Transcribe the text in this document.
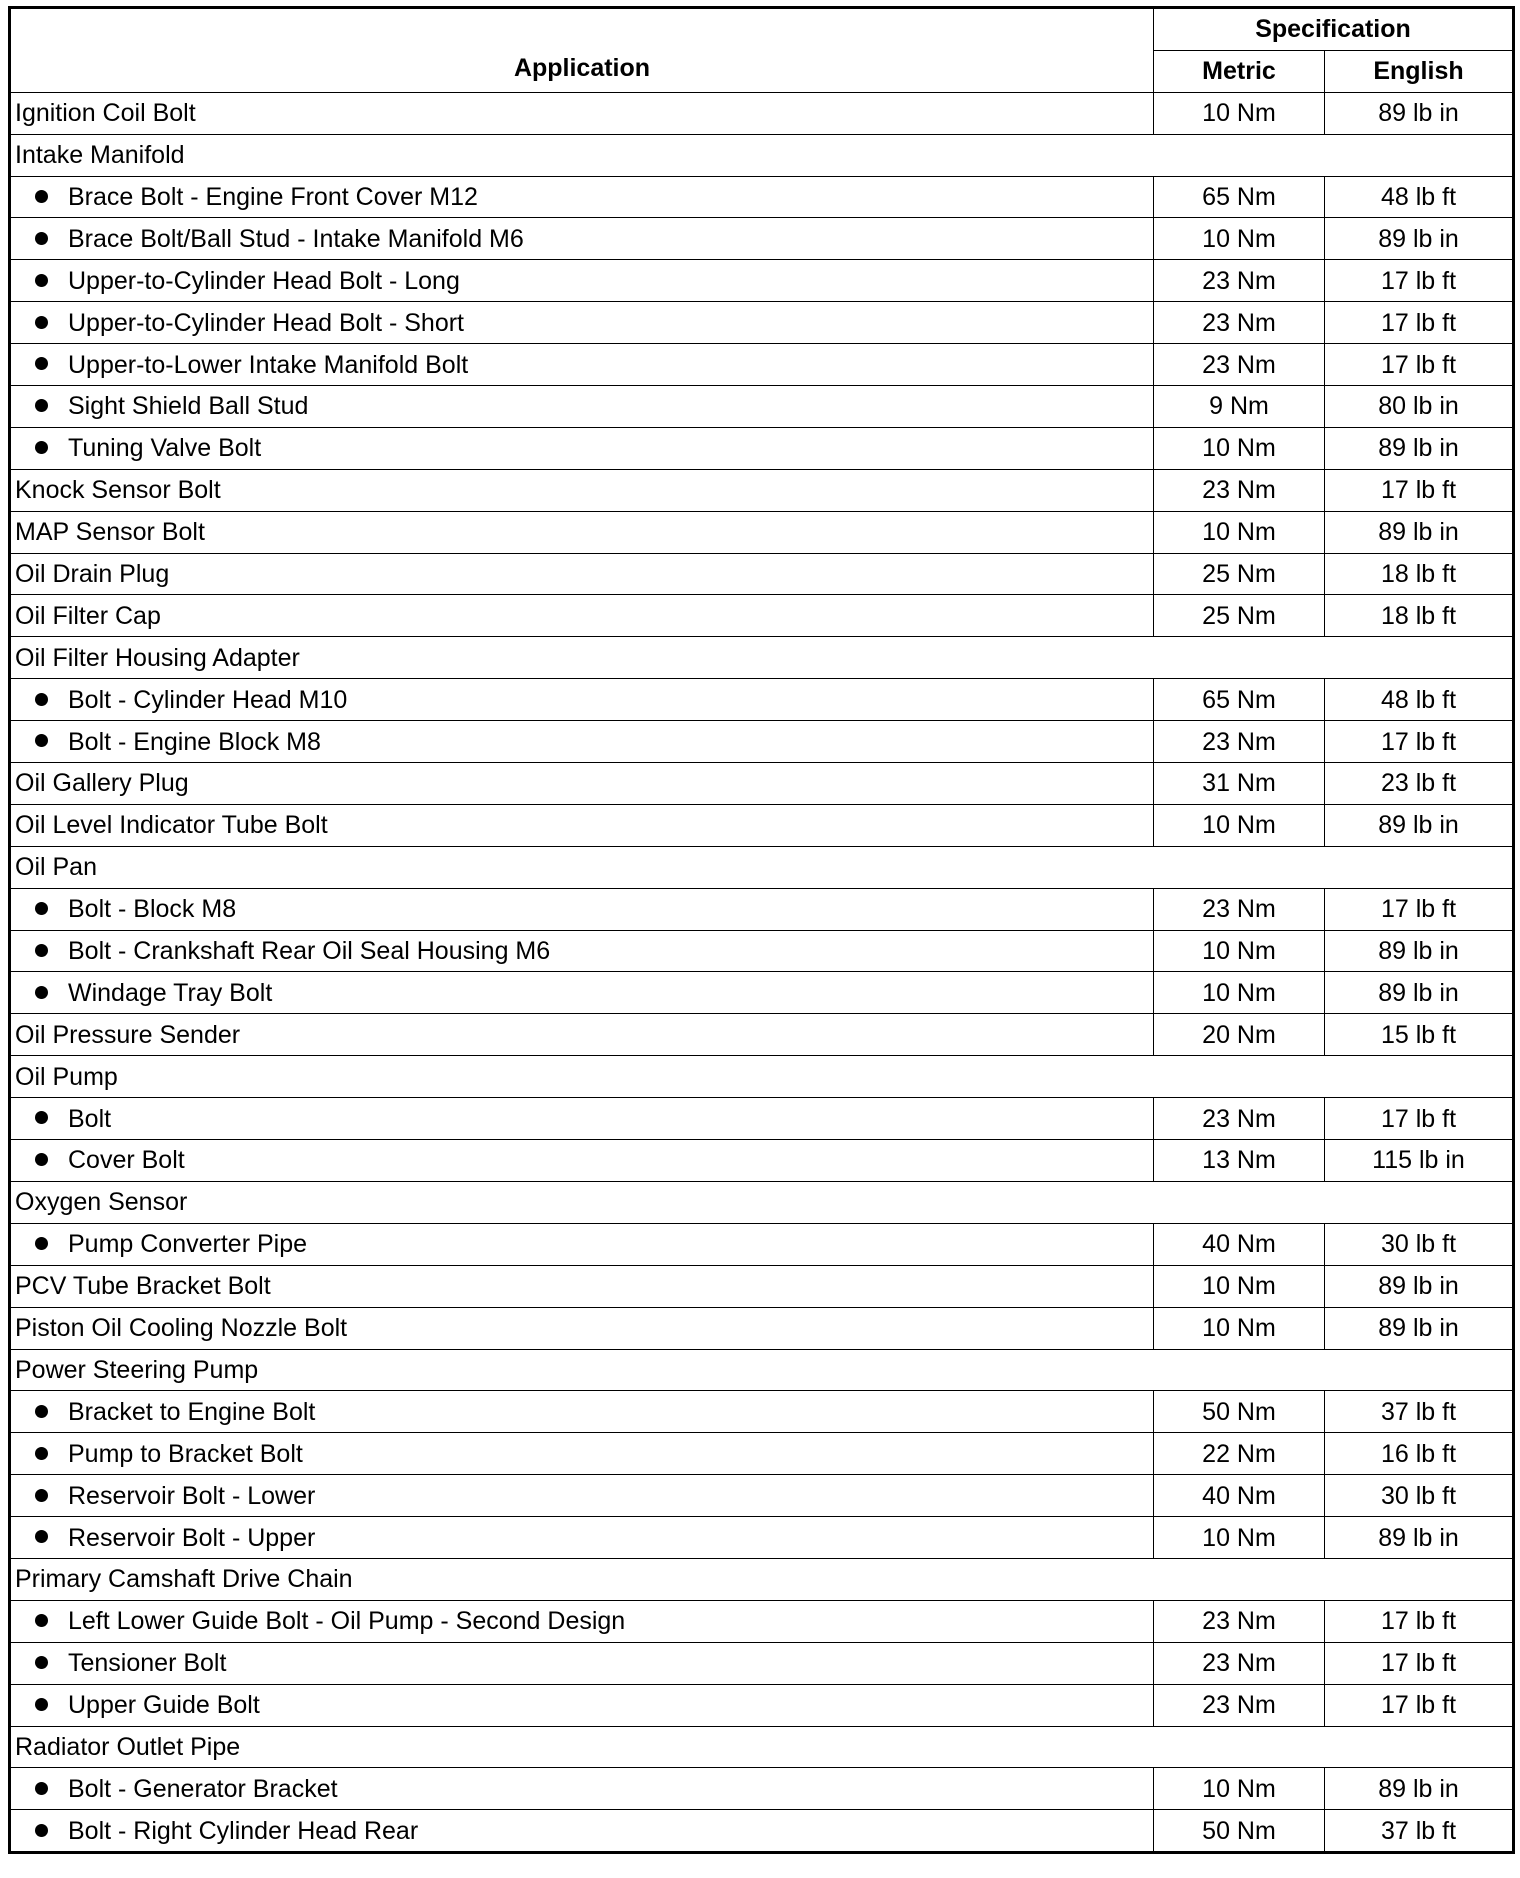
Application	Specification	
	Metric	English
Ignition Coil Bolt	10 Nm	89 lb in
Intake Manifold		
Brace Bolt - Engine Front Cover M12	65 Nm	48 lb ft
Brace Bolt/Ball Stud - Intake Manifold M6	10 Nm	89 lb in
Upper-to-Cylinder Head Bolt - Long	23 Nm	17 lb ft
Upper-to-Cylinder Head Bolt - Short	23 Nm	17 lb ft
Upper-to-Lower Intake Manifold Bolt	23 Nm	17 lb ft
Sight Shield Ball Stud	9 Nm	80 lb in
Tuning Valve Bolt	10 Nm	89 lb in
Knock Sensor Bolt	23 Nm	17 lb ft
MAP Sensor Bolt	10 Nm	89 lb in
Oil Drain Plug	25 Nm	18 lb ft
Oil Filter Cap	25 Nm	18 lb ft
Oil Filter Housing Adapter		
Bolt - Cylinder Head M10	65 Nm	48 lb ft
Bolt - Engine Block M8	23 Nm	17 lb ft
Oil Gallery Plug	31 Nm	23 lb ft
Oil Level Indicator Tube Bolt	10 Nm	89 lb in
Oil Pan		
Bolt - Block M8	23 Nm	17 lb ft
Bolt - Crankshaft Rear Oil Seal Housing M6	10 Nm	89 lb in
Windage Tray Bolt	10 Nm	89 lb in
Oil Pressure Sender	20 Nm	15 lb ft
Oil Pump		
Bolt	23 Nm	17 lb ft
Cover Bolt	13 Nm	115 lb in
Oxygen Sensor		
Pump Converter Pipe	40 Nm	30 lb ft
PCV Tube Bracket Bolt	10 Nm	89 lb in
Piston Oil Cooling Nozzle Bolt	10 Nm	89 lb in
Power Steering Pump		
Bracket to Engine Bolt	50 Nm	37 lb ft
Pump to Bracket Bolt	22 Nm	16 lb ft
Reservoir Bolt - Lower	40 Nm	30 lb ft
Reservoir Bolt - Upper	10 Nm	89 lb in
Primary Camshaft Drive Chain		
Left Lower Guide Bolt - Oil Pump - Second Design	23 Nm	17 lb ft
Tensioner Bolt	23 Nm	17 lb ft
Upper Guide Bolt	23 Nm	17 lb ft
Radiator Outlet Pipe		
Bolt - Generator Bracket	10 Nm	89 lb in
Bolt - Right Cylinder Head Rear	50 Nm	37 lb ft
